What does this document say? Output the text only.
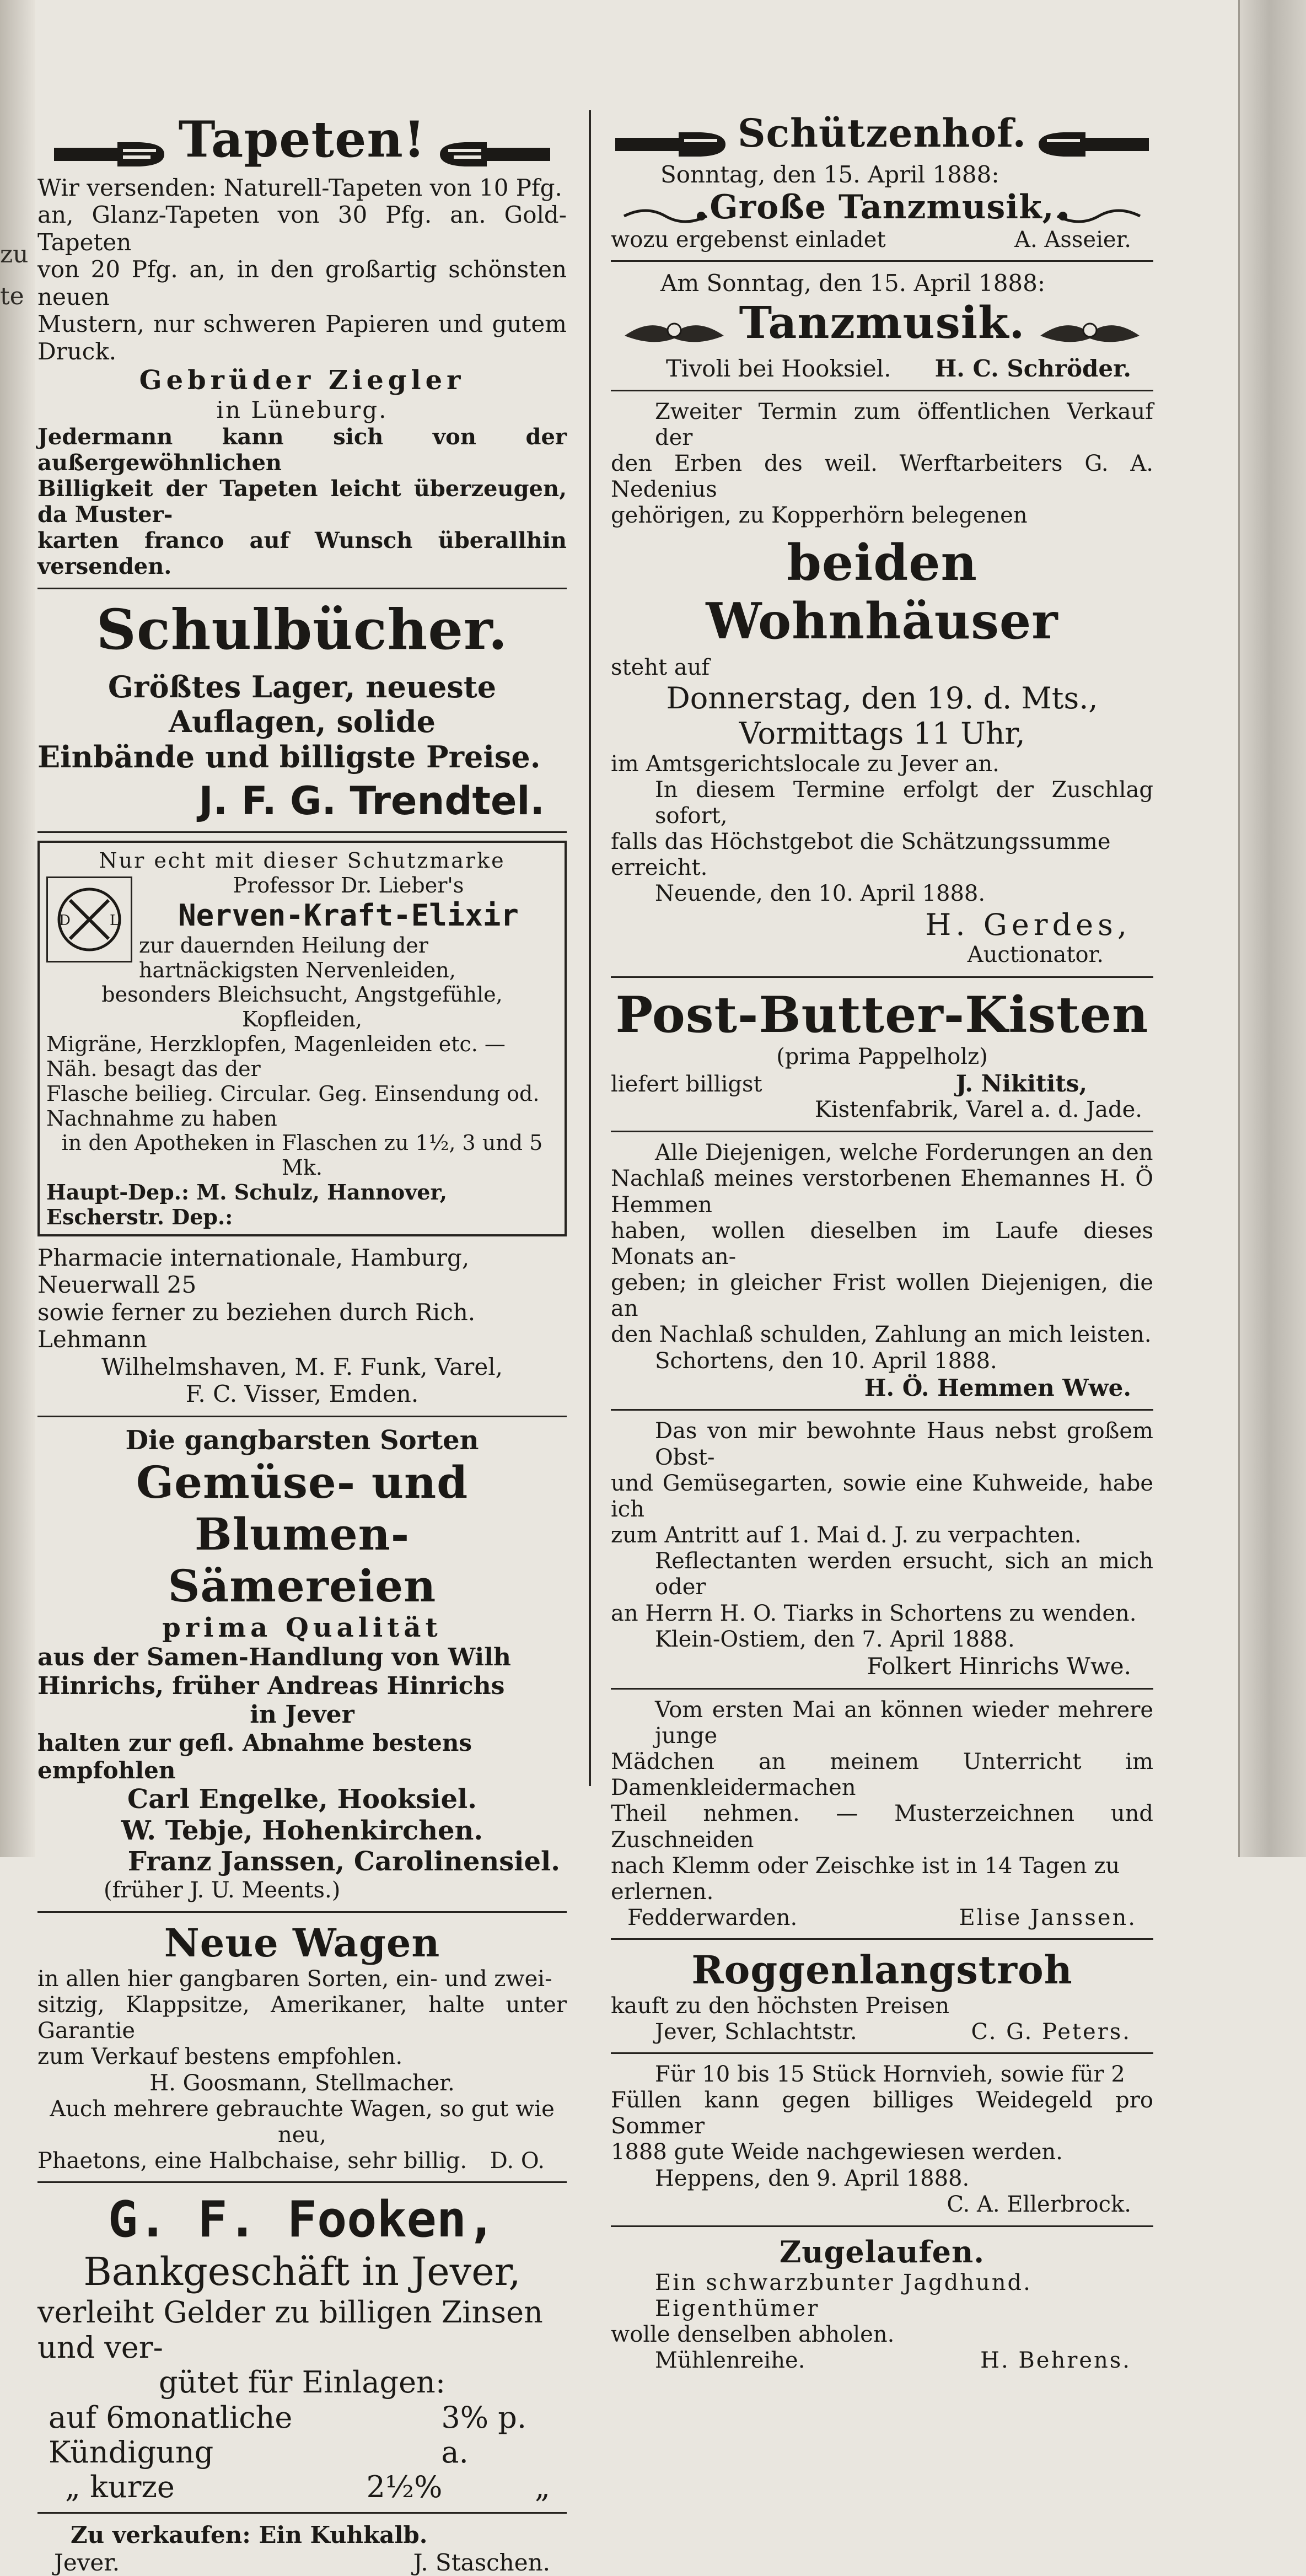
zu
te
Tapeten!

Wir versenden: Naturell-Tapeten von 10 Pfg.

an, Glanz-Tapeten von 30 Pfg. an. Gold-Tapeten

von 20 Pfg. an, in den großartig schönsten neuen

Mustern, nur schweren Papieren und gutem Druck.

Gebrüder Ziegler

in Lüneburg.

Jedermann kann sich von der außergewöhnlichen

Billigkeit der Tapeten leicht überzeugen, da Muster-

karten franco auf Wunsch überallhin versenden.

Schulbücher.

Größtes Lager, neueste Auflagen, solide

Einbände und billigste Preise.

J. F. G. Trendtel.

Nur echt mit dieser Schutzmarke

D	L

Professor Dr. Lieber's

Nerven-Kraft-Elixir

zur dauernden Heilung der hartnäckigsten Nervenleiden,

besonders Bleichsucht, Angstgefühle, Kopfleiden,

Migräne, Herzklopfen, Magenleiden etc. — Näh. besagt das der

Flasche beilieg. Circular. Geg. Einsendung od. Nachnahme zu haben

in den Apotheken in Flaschen zu 1½, 3 und 5 Mk.

Haupt-Dep.: M. Schulz, Hannover, Escherstr. Dep.:

Pharmacie internationale, Hamburg, Neuerwall 25

sowie ferner zu beziehen durch Rich. Lehmann

Wilhelmshaven, M. F. Funk, Varel,

F. C. Visser, Emden.

Die gangbarsten Sorten

Gemüse- und Blumen-

Sämereien

prima Qualität

aus der Samen-Handlung von Wilh

Hinrichs, früher Andreas Hinrichs

in Jever

halten zur gefl. Abnahme bestens empfohlen

Carl Engelke, Hooksiel.

W. Tebje, Hohenkirchen.

Franz Janssen, Carolinensiel.

(früher J. U. Meents.)

Neue Wagen

in allen hier gangbaren Sorten, ein- und zwei-

sitzig, Klappsitze, Amerikaner, halte unter Garantie

zum Verkauf bestens empfohlen.

H. Goosmann, Stellmacher.

Auch mehrere gebrauchte Wagen, so gut wie neu,

Phaetons, eine Halbchaise, sehr billig. D. O.

G. F. Fooken,

Bankgeschäft in Jever,

verleiht Gelder zu billigen Zinsen und ver-

gütet für Einlagen:

auf 6monatliche Kündigung
3% p. a.
„ kurze	2½%	„

Zu verkaufen: Ein Kuhkalb.

Jever.	J. Staschen.
Schützenhof.

Sonntag, den 15. April 1888:

Große Tanzmusik,
wozu ergebenst einladet	A. Asseier.

Am Sonntag, den 15. April 1888:

Tanzmusik.
Tivoli bei Hooksiel. H. C. Schröder.

Zweiter Termin zum öffentlichen Verkauf der

den Erben des weil. Werftarbeiters G. A. Nedenius

gehörigen, zu Kopperhörn belegenen

beiden Wohnhäuser

steht auf

Donnerstag, den 19. d. Mts.,

Vormittags 11 Uhr,

im Amtsgerichtslocale zu Jever an.

In diesem Termine erfolgt der Zuschlag sofort,

falls das Höchstgebot die Schätzungssumme erreicht.

Neuende, den 10. April 1888.

H. Gerdes,

Auctionator.

Post-Butter-Kisten

(prima Pappelholz)

liefert billigst	J. Nikitits,

Kistenfabrik, Varel a. d. Jade.

Alle Diejenigen, welche Forderungen an den

Nachlaß meines verstorbenen Ehemannes H. Ö Hemmen

haben, wollen dieselben im Laufe dieses Monats an-

geben; in gleicher Frist wollen Diejenigen, die an

den Nachlaß schulden, Zahlung an mich leisten.

Schortens, den 10. April 1888.

H. Ö. Hemmen Wwe.

Das von mir bewohnte Haus nebst großem Obst-

und Gemüsegarten, sowie eine Kuhweide, habe ich

zum Antritt auf 1. Mai d. J. zu verpachten.

Reflectanten werden ersucht, sich an mich oder

an Herrn H. O. Tiarks in Schortens zu wenden.

Klein-Ostiem, den 7. April 1888.

Folkert Hinrichs Wwe.

Vom ersten Mai an können wieder mehrere junge

Mädchen an meinem Unterricht im Damenkleidermachen

Theil nehmen. — Musterzeichnen und Zuschneiden

nach Klemm oder Zeischke ist in 14 Tagen zu erlernen.

Fedderwarden.	Elise Janssen.

Roggenlangstroh

kauft zu den höchsten Preisen

Jever, Schlachtstr.	C. G. Peters.

Für 10 bis 15 Stück Hornvieh, sowie für 2

Füllen kann gegen billiges Weidegeld pro Sommer

1888 gute Weide nachgewiesen werden.

Heppens, den 9. April 1888.

C. A. Ellerbrock.

Zugelaufen.

Ein schwarzbunter Jagdhund. Eigenthümer

wolle denselben abholen.

Mühlenreihe.	H. Behrens.
